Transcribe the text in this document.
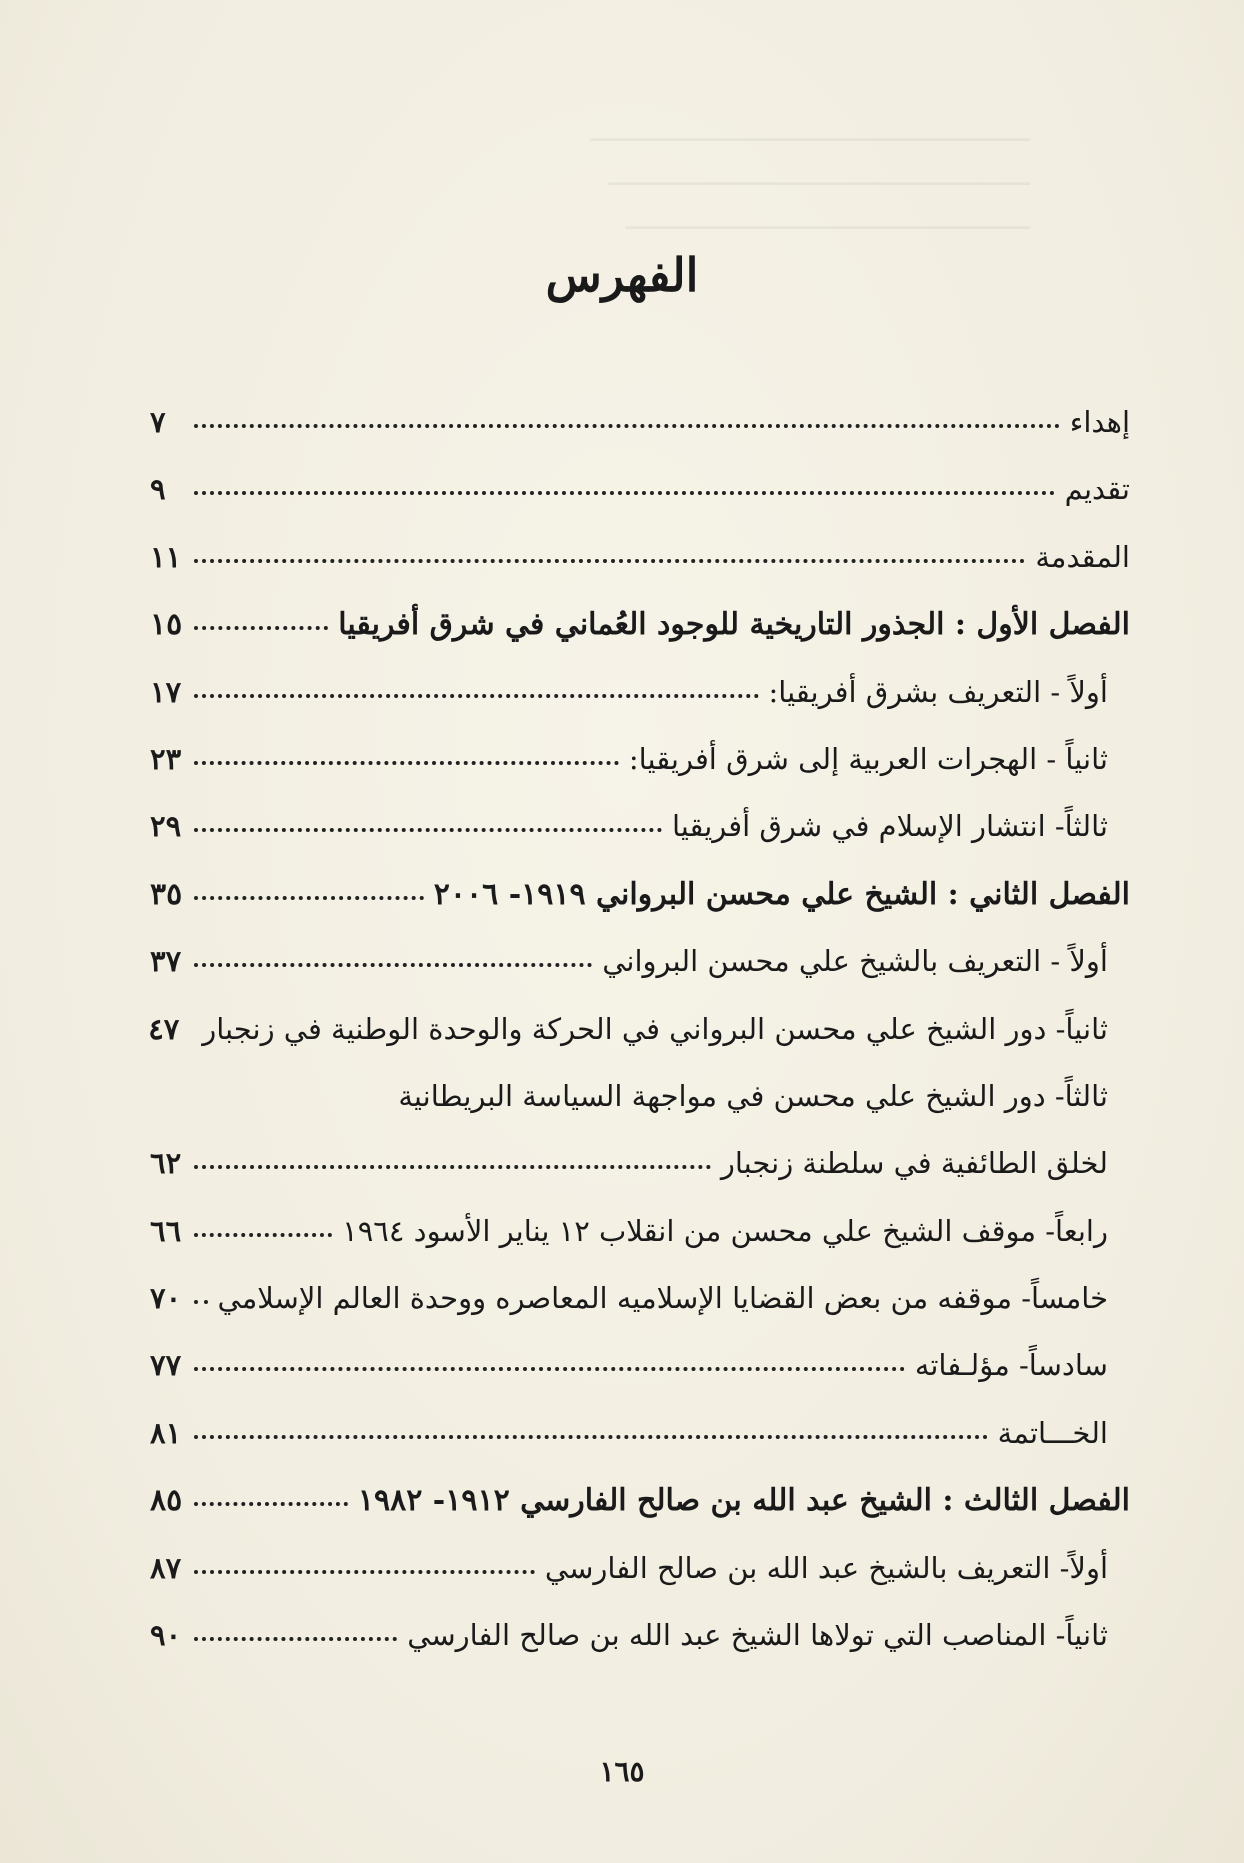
ــــــــــــــــــــــــــــــــــــــــــــــــــ
ــــــــــــــــــــــــــــــــــــــــــــــــ
ــــــــــــــــــــــــــــــــــــــــــــــ
الفهرس
إهداء
٧
تقديم
٩
المقدمة
١١
الفصل الأول : الجذور التاريخية للوجود العُماني في شرق أفريقيا
١٥
أولاً - التعريف بشرق أفريقيا:
١٧
ثانياً - الهجرات العربية إلى شرق أفريقيا:
٢٣
ثالثاً- انتشار الإسلام في شرق أفريقيا
٢٩
الفصل الثاني : الشيخ علي محسن البرواني ١٩١٩- ٢٠٠٦
٣٥
أولاً - التعريف بالشيخ علي محسن البرواني
٣٧
ثانياً- دور الشيخ علي محسن البرواني في الحركة والوحدة الوطنية في زنجبار
٤٧
ثالثاً- دور الشيخ علي محسن في مواجهة السياسة البريطانية
لخلق الطائفية في سلطنة زنجبار
٦٢
رابعاً- موقف الشيخ علي محسن من انقلاب ١٢ يناير الأسود ١٩٦٤
٦٦
خامساً- موقفه من بعض القضايا الإسلاميه المعاصره ووحدة العالم الإسلامي
٧٠
سادساً- مؤلـفاته
٧٧
الخـــاتمة
٨١
الفصل الثالث : الشيخ عبد الله بن صالح الفارسي ١٩١٢- ١٩٨٢
٨٥
أولاً- التعريف بالشيخ عبد الله بن صالح الفارسي
٨٧
ثانياً- المناصب التي تولاها الشيخ عبد الله بن صالح الفارسي
٩٠
١٦٥
